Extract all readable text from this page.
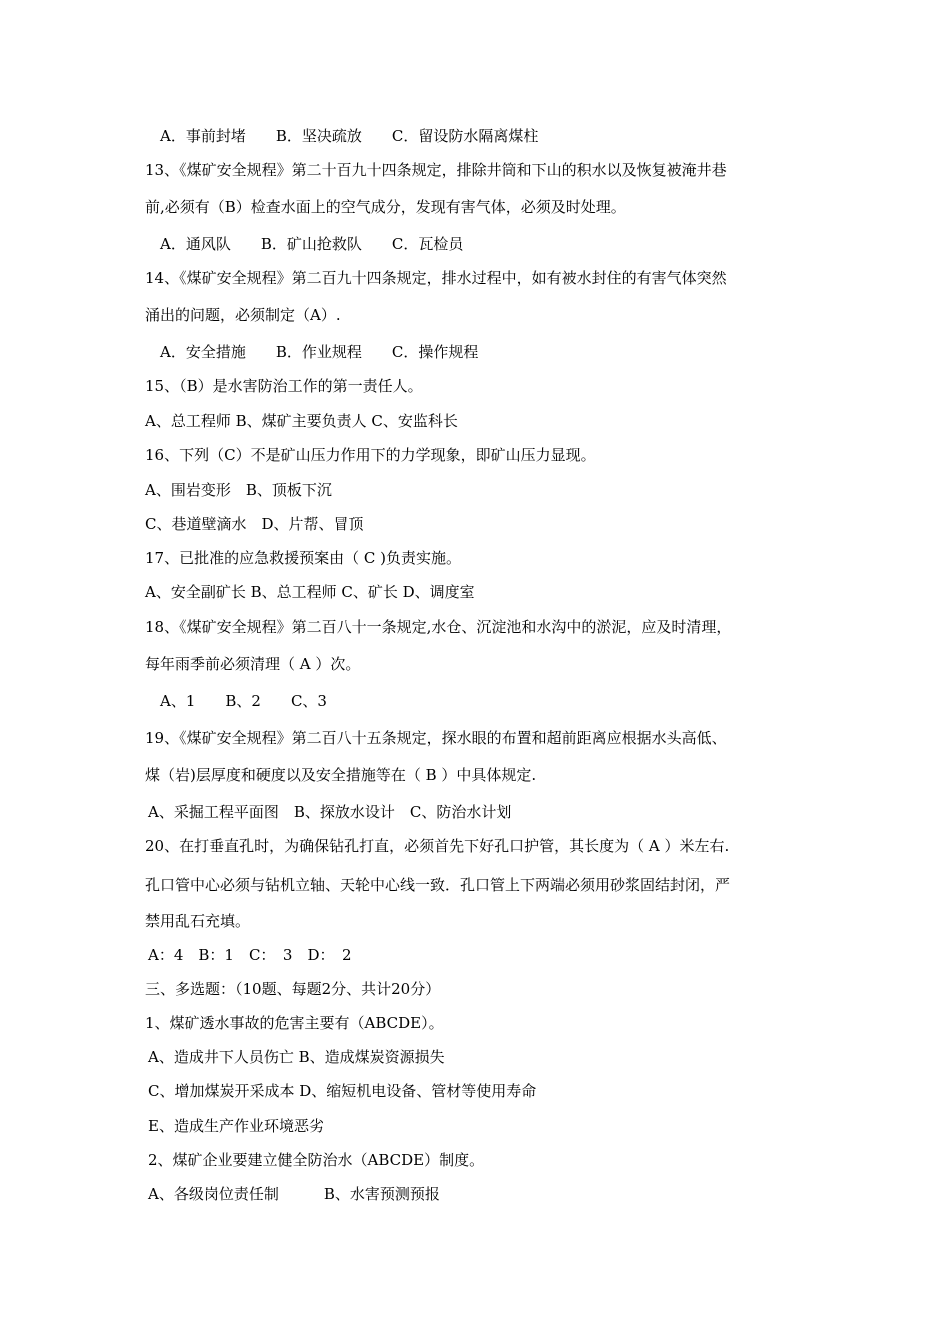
A．事前封堵　　B．坚决疏放　　C．留设防水隔离煤柱
13、《煤矿安全规程》第二十百九十四条规定，排除井筒和下山的积水以及恢复被淹井巷
前,必须有（B）检查水面上的空气成分，发现有害气体，必须及时处理。
A．通风队　　B．矿山抢救队　　C．瓦检员
14、《煤矿安全规程》第二百九十四条规定，排水过程中，如有被水封住的有害气体突然
涌出的问题，必须制定（A）.
A．安全措施　　B．作业规程　　C．操作规程
15、（B）是水害防治工作的第一责任人。
A、总工程师 B、煤矿主要负责人 C、安监科长
16、下列（C）不是矿山压力作用下的力学现象，即矿山压力显现。
A、围岩变形　B、顶板下沉
C、巷道壁滴水　D、片帮、冒顶
17、已批准的应急救援预案由（ C )负责实施。
A、安全副矿长 B、总工程师 C、矿长 D、调度室
18、《煤矿安全规程》第二百八十一条规定,水仓、沉淀池和水沟中的淤泥，应及时清理，
每年雨季前必须清理（ A ）次。
A、1　　B、2　　C、3
19、《煤矿安全规程》第二百八十五条规定，探水眼的布置和超前距离应根据水头高低、
煤（岩)层厚度和硬度以及安全措施等在（ B ）中具体规定.
A、采掘工程平面图　B、探放水设计　C、防治水计划
20、在打垂直孔时，为确保钻孔打直，必须首先下好孔口护管，其长度为（ A ）米左右.
孔口管中心必须与钻机立轴、天轮中心线一致．孔口管上下两端必须用砂浆固结封闭，严
禁用乱石充填。
A：4　B：1　C：　3　D：　2
三、多选题：（10题、每题2分、共计20分）
1、煤矿透水事故的危害主要有（ABCDE）。
A、造成井下人员伤亡 B、造成煤炭资源损失
C、增加煤炭开采成本 D、缩短机电设备、管材等使用寿命
E、造成生产作业环境恶劣
2、煤矿企业要建立健全防治水（ABCDE）制度。
A、各级岗位责任制　　　B、水害预测预报
